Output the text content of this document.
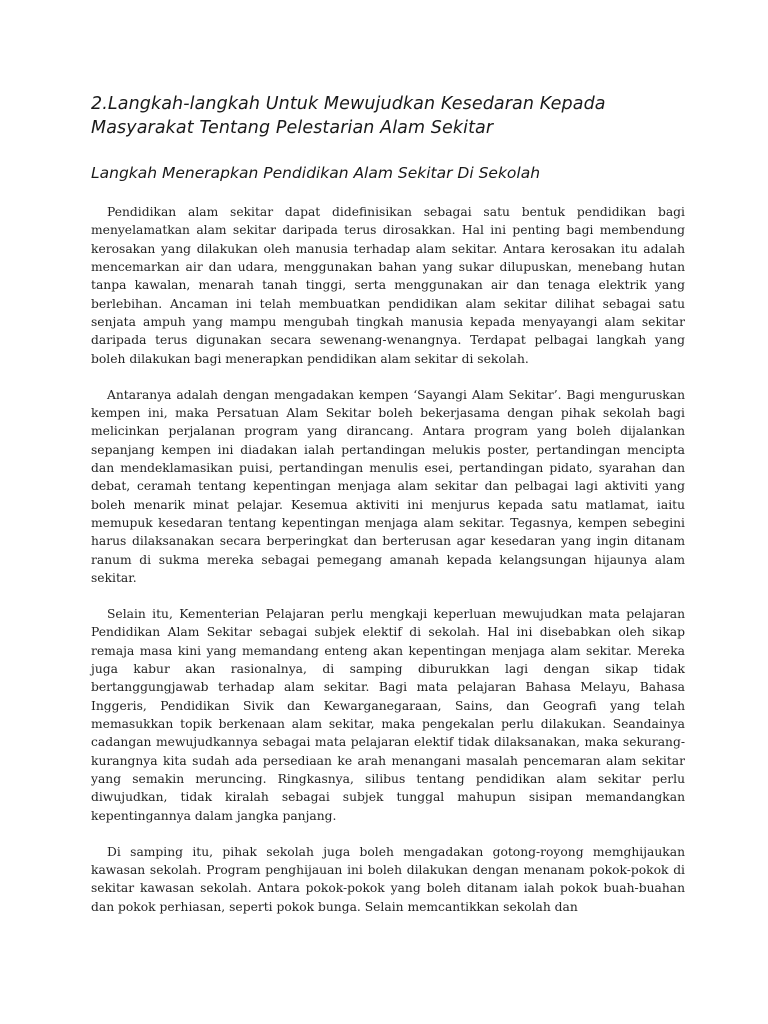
2.Langkah-langkah Untuk Mewujudkan Kesedaran Kepada Masyarakat Tentang Pelestarian Alam Sekitar
Langkah Menerapkan Pendidikan Alam Sekitar Di Sekolah

Pendidikan alam sekitar dapat didefinisikan sebagai satu bentuk pendidikan bagi menyelamatkan alam sekitar daripada terus dirosakkan. Hal ini penting bagi membendung kerosakan yang dilakukan oleh manusia terhadap alam sekitar. Antara kerosakan itu adalah mencemarkan air dan udara, menggunakan bahan yang sukar dilupuskan, menebang hutan tanpa kawalan, menarah tanah tinggi, serta menggunakan air dan tenaga elektrik yang berlebihan. Ancaman ini telah membuatkan pendidikan alam sekitar dilihat sebagai satu senjata ampuh yang mampu mengubah tingkah manusia kepada menyayangi alam sekitar daripada terus digunakan secara sewenang-wenangnya. Terdapat pelbagai langkah yang boleh dilakukan bagi menerapkan pendidikan alam sekitar di sekolah.

Antaranya adalah dengan mengadakan kempen ‘Sayangi Alam Sekitar’. Bagi menguruskan kempen ini, maka Persatuan Alam Sekitar boleh bekerjasama dengan pihak sekolah bagi melicinkan perjalanan program yang dirancang. Antara program yang boleh dijalankan sepanjang kempen ini diadakan ialah pertandingan melukis poster, pertandingan mencipta dan mendeklamasikan puisi, pertandingan menulis esei, pertandingan pidato, syarahan dan debat, ceramah tentang kepentingan menjaga alam sekitar dan pelbagai lagi aktiviti yang boleh menarik minat pelajar. Kesemua aktiviti ini menjurus kepada satu matlamat, iaitu memupuk kesedaran tentang kepentingan menjaga alam sekitar. Tegasnya, kempen sebegini harus dilaksanakan secara berperingkat dan berterusan agar kesedaran yang ingin ditanam ranum di sukma mereka sebagai pemegang amanah kepada kelangsungan hijaunya alam sekitar.

Selain itu, Kementerian Pelajaran perlu mengkaji keperluan mewujudkan mata pelajaran Pendidikan Alam Sekitar sebagai subjek elektif di sekolah. Hal ini disebabkan oleh sikap remaja masa kini yang memandang enteng akan kepentingan menjaga alam sekitar. Mereka juga kabur akan rasionalnya, di samping diburukkan lagi dengan sikap tidak bertanggungjawab terhadap alam sekitar. Bagi mata pelajaran Bahasa Melayu, Bahasa Inggeris, Pendidikan Sivik dan Kewarganegaraan, Sains, dan Geografi yang telah memasukkan topik berkenaan alam sekitar, maka pengekalan perlu dilakukan. Seandainya cadangan mewujudkannya sebagai mata pelajaran elektif tidak dilaksanakan, maka sekurang-kurangnya kita sudah ada persediaan ke arah menangani masalah pencemaran alam sekitar yang semakin meruncing. Ringkasnya, silibus tentang pendidikan alam sekitar perlu diwujudkan, tidak kiralah sebagai subjek tunggal mahupun sisipan memandangkan kepentingannya dalam jangka panjang.

Di samping itu, pihak sekolah juga boleh mengadakan gotong-royong memghijaukan kawasan sekolah. Program penghijauan ini boleh dilakukan dengan menanam pokok-pokok di sekitar kawasan sekolah. Antara pokok-pokok yang boleh ditanam ialah pokok buah-buahan dan pokok perhiasan, seperti pokok bunga. Selain memcantikkan sekolah dan
